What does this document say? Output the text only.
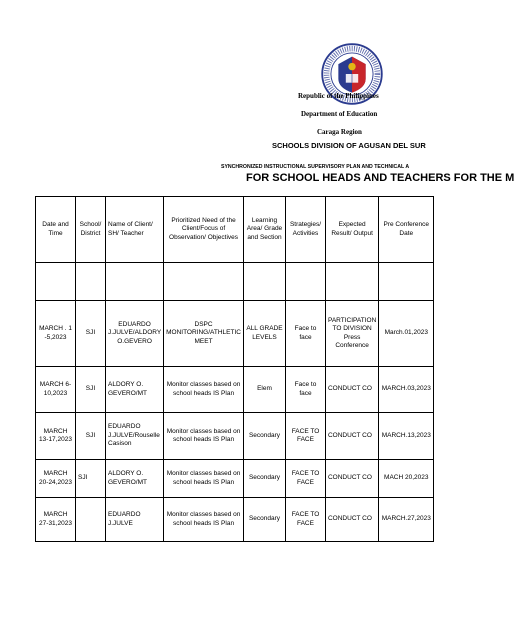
Republic of the Philippines
Department of Education
Caraga Region
SCHOOLS DIVISION OF AGUSAN DEL SUR
SYNCHRONIZED INSTRUCTIONAL SUPERVISORY PLAN AND TECHNICAL A
FOR SCHOOL HEADS AND TEACHERS FOR THE M
Date and Time	School/ District	Name of Client/ SH/ Teacher	Prioritized Need of the Client/Focus of Observation/ Objectives	Learning Area/ Grade and Section	Strategies/ Activities	Expected Result/ Output	Pre Conference Date

MARCH . 1 -5,2023	SJI	EDUARDO J.JULVE/ALDORY O.GEVERO	DSPC MONITORING/ATHLETIC MEET	ALL GRADE LEVELS	Face to face	PARTICIPATION TO DIVISION Press Conference	March.01,2023
MARCH 6-10,2023	SJI	ALDORY O. GEVERO/MT	Monitor classes based on school heads IS Plan	Elem	Face to face	CONDUCT CO	MARCH.03,2023
MARCH 13-17,2023	SJI	EDUARDO J.JULVE/Rouselle Casison	Monitor classes based on school heads IS Plan	Secondary	FACE TO FACE	CONDUCT CO	MARCH.13,2023
MARCH 20-24,2023	SJI	ALDORY O. GEVERO/MT	Monitor classes based on school heads IS Plan	Secondary	FACE TO FACE	CONDUCT CO	MACH 20,2023
MARCH 27-31,2023		EDUARDO J.JULVE	Monitor classes based on school heads IS Plan	Secondary	FACE TO FACE	CONDUCT CO	MARCH.27,2023
